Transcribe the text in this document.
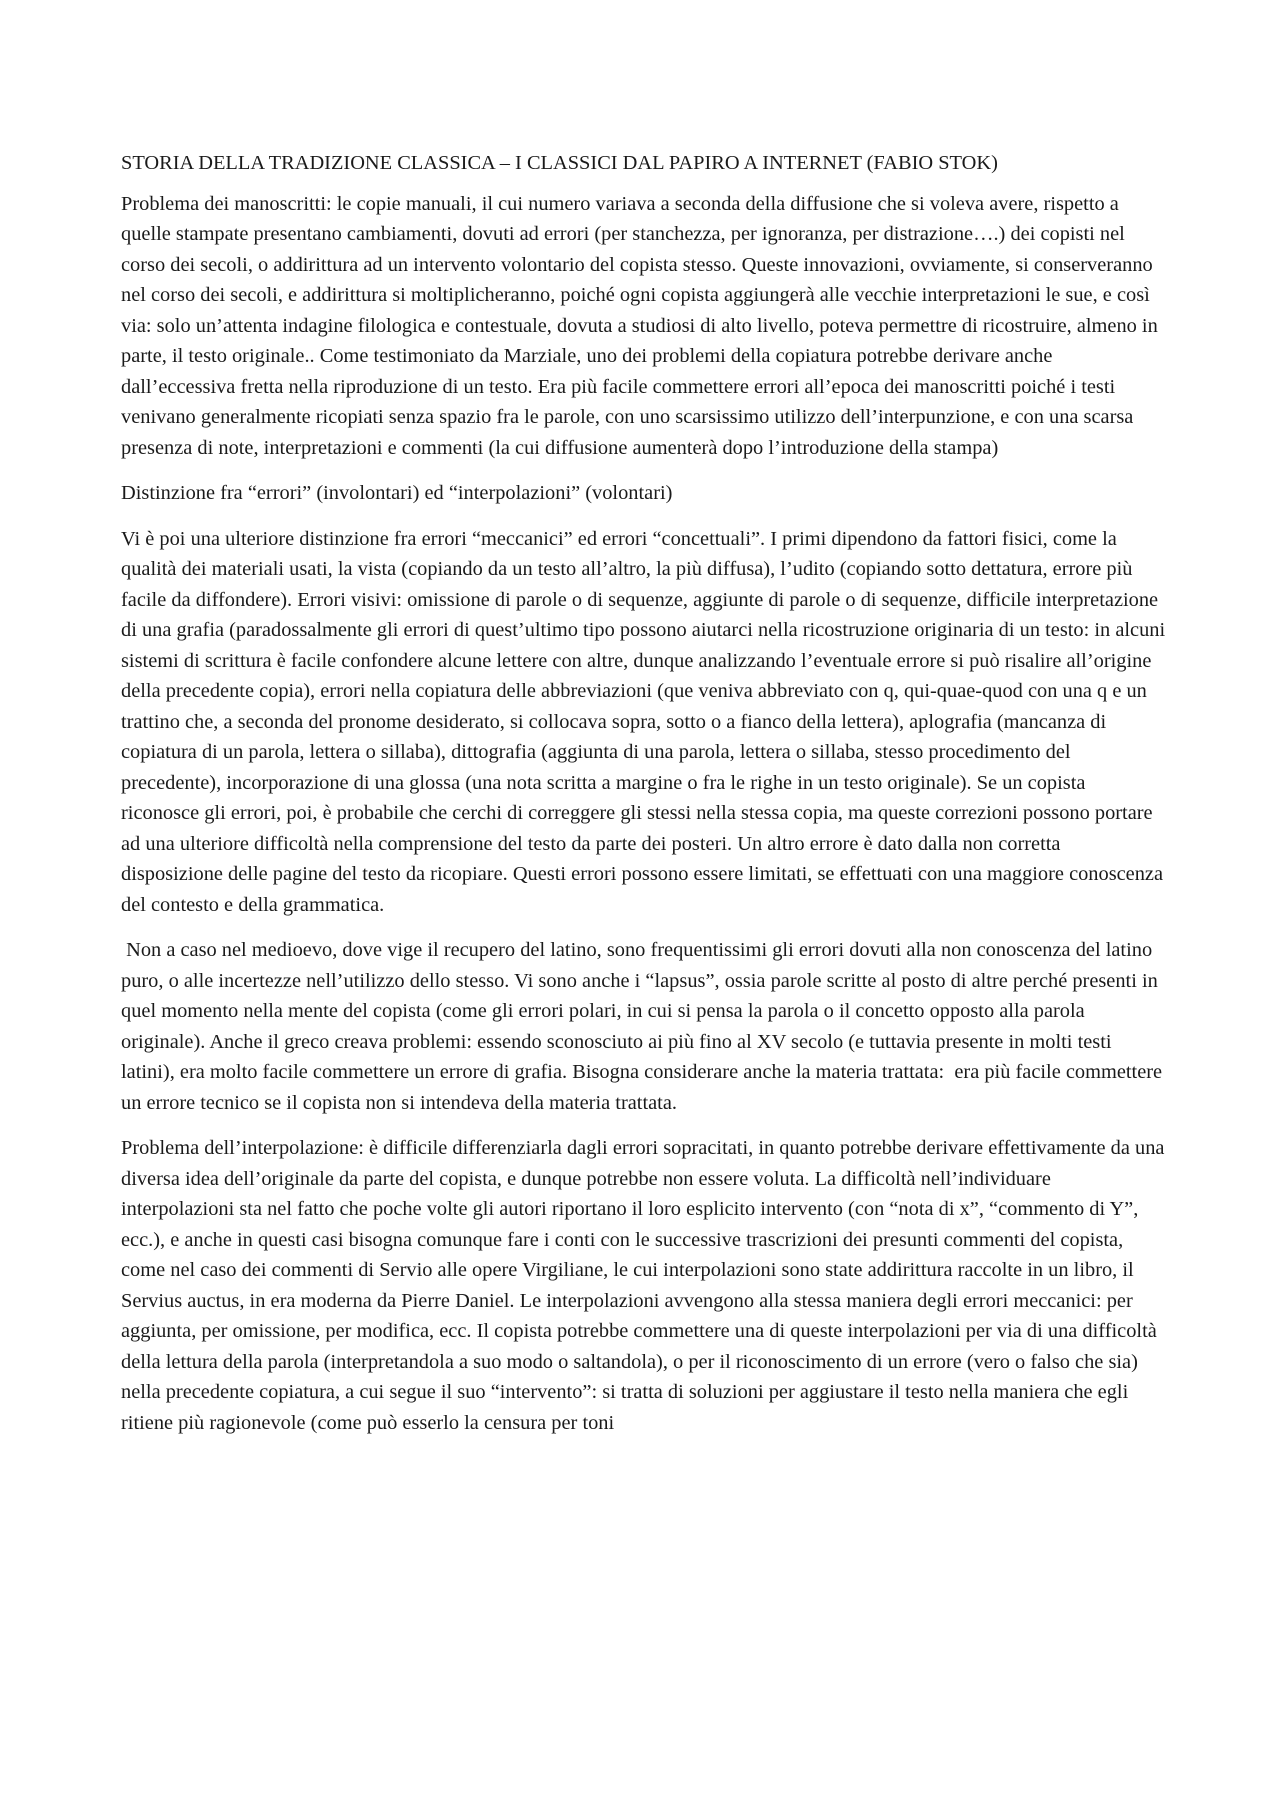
STORIA DELLA TRADIZIONE CLASSICA – I CLASSICI DAL PAPIRO A INTERNET (FABIO STOK)

Problema dei manoscritti: le copie manuali, il cui numero variava a seconda della diffusione che si voleva avere, rispetto a quelle stampate presentano cambiamenti, dovuti ad errori (per stanchezza, per ignoranza, per distrazione….) dei copisti nel corso dei secoli, o addirittura ad un intervento volontario del copista stesso. Queste innovazioni, ovviamente, si conserveranno nel corso dei secoli, e addirittura si moltiplicheranno, poiché ogni copista aggiungerà alle vecchie interpretazioni le sue, e così via: solo un’attenta indagine filologica e contestuale, dovuta a studiosi di alto livello, poteva permettre di ricostruire, almeno in parte, il testo originale.. Come testimoniato da Marziale, uno dei problemi della copiatura potrebbe derivare anche dall’eccessiva fretta nella riproduzione di un testo. Era più facile commettere errori all’epoca dei manoscritti poiché i testi venivano generalmente ricopiati senza spazio fra le parole, con uno scarsissimo utilizzo dell’interpunzione, e con una scarsa presenza di note, interpretazioni e commenti (la cui diffusione aumenterà dopo l’introduzione della stampa)

Distinzione fra “errori” (involontari) ed “interpolazioni” (volontari)

Vi è poi una ulteriore distinzione fra errori “meccanici” ed errori “concettuali”. I primi dipendono da fattori fisici, come la qualità dei materiali usati, la vista (copiando da un testo all’altro, la più diffusa), l’udito (copiando sotto dettatura, errore più facile da diffondere). Errori visivi: omissione di parole o di sequenze, aggiunte di parole o di sequenze, difficile interpretazione di una grafia (paradossalmente gli errori di quest’ultimo tipo possono aiutarci nella ricostruzione originaria di un testo: in alcuni sistemi di scrittura è facile confondere alcune lettere con altre, dunque analizzando l’eventuale errore si può risalire all’origine della precedente copia), errori nella copiatura delle abbreviazioni (que veniva abbreviato con q, qui-quae-quod con una q e un trattino che, a seconda del pronome desiderato, si collocava sopra, sotto o a fianco della lettera), aplografia (mancanza di copiatura di un parola, lettera o sillaba), dittografia (aggiunta di una parola, lettera o sillaba, stesso procedimento del precedente), incorporazione di una glossa (una nota scritta a margine o fra le righe in un testo originale). Se un copista riconosce gli errori, poi, è probabile che cerchi di correggere gli stessi nella stessa copia, ma queste correzioni possono portare ad una ulteriore difficoltà nella comprensione del testo da parte dei posteri. Un altro errore è dato dalla non corretta disposizione delle pagine del testo da ricopiare. Questi errori possono essere limitati, se effettuati con una maggiore conoscenza del contesto e della grammatica.

Non a caso nel medioevo, dove vige il recupero del latino, sono frequentissimi gli errori dovuti alla non conoscenza del latino puro, o alle incertezze nell’utilizzo dello stesso. Vi sono anche i “lapsus”, ossia parole scritte al posto di altre perché presenti in quel momento nella mente del copista (come gli errori polari, in cui si pensa la parola o il concetto opposto alla parola originale). Anche il greco creava problemi: essendo sconosciuto ai più fino al XV secolo (e tuttavia presente in molti testi latini), era molto facile commettere un errore di grafia. Bisogna considerare anche la materia trattata:  era più facile commettere un errore tecnico se il copista non si intendeva della materia trattata.

Problema dell’interpolazione: è difficile differenziarla dagli errori sopracitati, in quanto potrebbe derivare effettivamente da una diversa idea dell’originale da parte del copista, e dunque potrebbe non essere voluta. La difficoltà nell’individuare interpolazioni sta nel fatto che poche volte gli autori riportano il loro esplicito intervento (con “nota di x”, “commento di Y”, ecc.), e anche in questi casi bisogna comunque fare i conti con le successive trascrizioni dei presunti commenti del copista, come nel caso dei commenti di Servio alle opere Virgiliane, le cui interpolazioni sono state addirittura raccolte in un libro, il Servius auctus, in era moderna da Pierre Daniel. Le interpolazioni avvengono alla stessa maniera degli errori meccanici: per aggiunta, per omissione, per modifica, ecc. Il copista potrebbe commettere una di queste interpolazioni per via di una difficoltà della lettura della parola (interpretandola a suo modo o saltandola), o per il riconoscimento di un errore (vero o falso che sia) nella precedente copiatura, a cui segue il suo “intervento”: si tratta di soluzioni per aggiustare il testo nella maniera che egli ritiene più ragionevole (come può esserlo la censura per toni
